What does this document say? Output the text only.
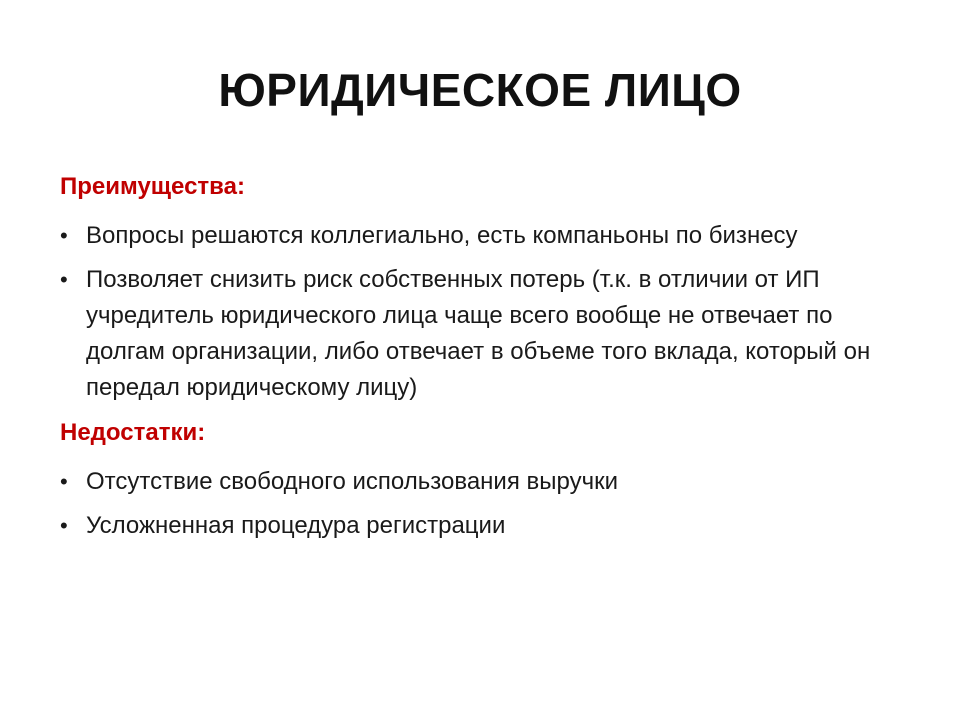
ЮРИДИЧЕСКОЕ ЛИЦО
Преимущества:
• Вопросы решаются коллегиально, есть компаньоны по бизнесу
• Позволяет снизить риск собственных потерь (т.к. в отличии от ИП учредитель юридического лица чаще всего вообще не отвечает по долгам организации, либо отвечает в объеме того вклада, который он передал юридическому лицу)
Недостатки:
• Отсутствие свободного использования выручки
• Усложненная процедура регистрации
